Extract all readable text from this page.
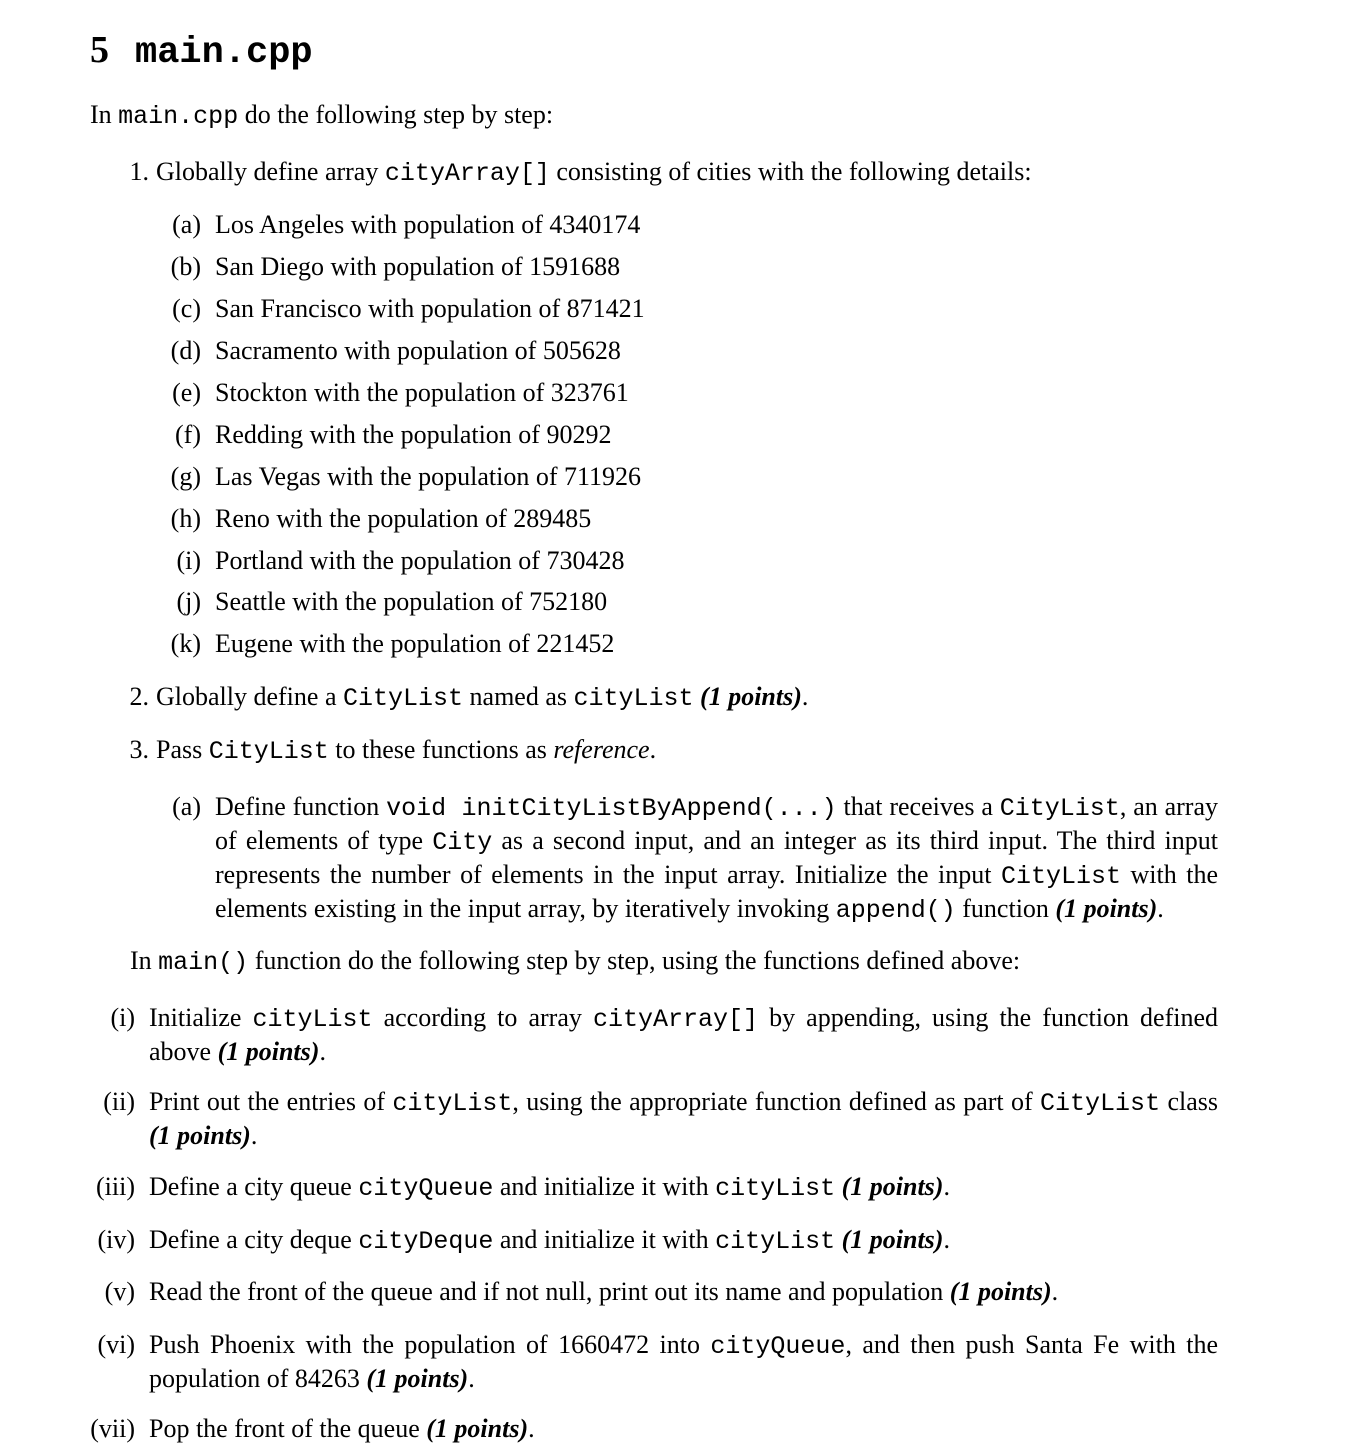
5 main.cpp
In main.cpp do the following step by step:
1. Globally define array cityArray[] consisting of cities with the following details:
(a) Los Angeles with population of 4340174
(b) San Diego with population of 1591688
(c) San Francisco with population of 871421
(d) Sacramento with population of 505628
(e) Stockton with the population of 323761
(f) Redding with the population of 90292
(g) Las Vegas with the population of 711926
(h) Reno with the population of 289485
(i) Portland with the population of 730428
(j) Seattle with the population of 752180
(k) Eugene with the population of 221452
2. Globally define a CityList named as cityList (1 points).
3. Pass CityList to these functions as reference.
(a) Define function void initCityListByAppend(...) that receives a CityList, an array of elements of type City as a second input, and an integer as its third input. The third input represents the number of elements in the input array. Initialize the input CityList with the elements existing in the input array, by iteratively invoking append() function (1 points).
In main() function do the following step by step, using the functions defined above:
(i) Initialize cityList according to array cityArray[] by appending, using the function defined above (1 points).
(ii) Print out the entries of cityList, using the appropriate function defined as part of CityList class (1 points).
(iii) Define a city queue cityQueue and initialize it with cityList (1 points).
(iv) Define a city deque cityDeque and initialize it with cityList (1 points).
(v) Read the front of the queue and if not null, print out its name and population (1 points).
(vi) Push Phoenix with the population of 1660472 into cityQueue, and then push Santa Fe with the population of 84263 (1 points).
(vii) Pop the front of the queue (1 points).
